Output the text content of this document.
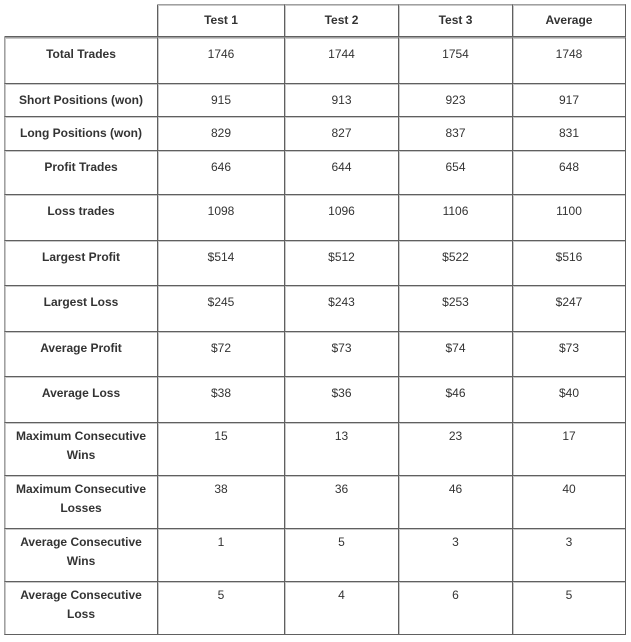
	Test 1	Test 2	Test 3	Average
Total Trades	1746	1744	1754	1748
Short Positions (won)	915	913	923	917
Long Positions (won)	829	827	837	831
Profit Trades	646	644	654	648
Loss trades	1098	1096	1106	1100
Largest Profit	$514	$512	$522	$516
Largest Loss	$245	$243	$253	$247
Average Profit	$72	$73	$74	$73
Average Loss	$38	$36	$46	$40
Maximum Consecutive Wins	15	13	23	17
Maximum Consecutive Losses	38	36	46	40
Average Consecutive Wins	1	5	3	3
Average Consecutive Loss	5	4	6	5
